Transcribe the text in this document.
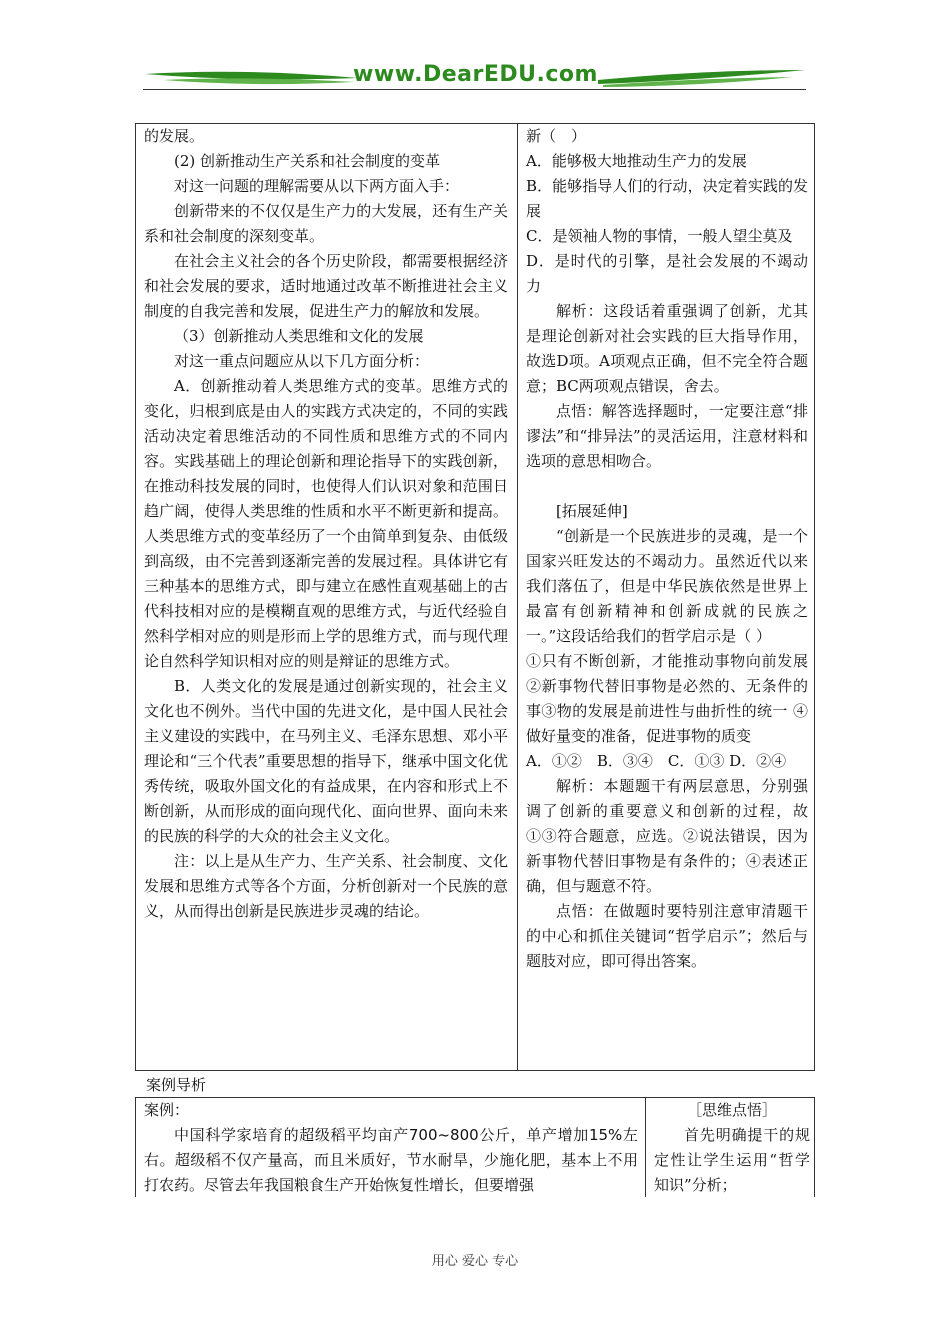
www.DearEDU.com

的发展。

(2) 创新推动生产关系和社会制度的变革

对这一问题的理解需要从以下两方面入手：

创新带来的不仅仅是生产力的大发展，还有生产关系和社会制度的深刻变革。

在社会主义社会的各个历史阶段，都需要根据经济和社会发展的要求，适时地通过改革不断推进社会主义制度的自我完善和发展，促进生产力的解放和发展。

（3）创新推动人类思维和文化的发展

对这一重点问题应从以下几方面分析：

A．创新推动着人类思维方式的变革。思维方式的变化，归根到底是由人的实践方式决定的，不同的实践活动决定着思维活动的不同性质和思维方式的不同内容。实践基础上的理论创新和理论指导下的实践创新，在推动科技发展的同时，也使得人们认识对象和范围日趋广阔，使得人类思维的性质和水平不断更新和提高。人类思维方式的变革经历了一个由简单到复杂、由低级到高级，由不完善到逐渐完善的发展过程。具体讲它有三种基本的思维方式，即与建立在感性直观基础上的古代科技相对应的是模糊直观的思维方式，与近代经验自然科学相对应的则是形而上学的思维方式，而与现代理论自然科学知识相对应的则是辩证的思维方式。

B．人类文化的发展是通过创新实现的，社会主义文化也不例外。当代中国的先进文化，是中国人民社会主义建设的实践中，在马列主义、毛泽东思想、邓小平理论和“三个代表”重要思想的指导下，继承中国文化优秀传统，吸取外国文化的有益成果，在内容和形式上不断创新，从而形成的面向现代化、面向世界、面向未来的民族的科学的大众的社会主义文化。

注：以上是从生产力、生产关系、社会制度、文化发展和思维方式等各个方面，分析创新对一个民族的意义，从而得出创新是民族进步灵魂的结论。

新（　）

A．能够极大地推动生产力的发展

B．能够指导人们的行动，决定着实践的发展

C．是领袖人物的事情，一般人望尘莫及

D．是时代的引擎，是社会发展的不竭动力

解析：这段话着重强调了创新，尤其是理论创新对社会实践的巨大指导作用，故选D项。A项观点正确，但不完全符合题意；BC两项观点错误，舍去。

点悟：解答选择题时，一定要注意“排谬法”和“排异法”的灵活运用，注意材料和选项的意思相吻合。

[拓展延伸]

“创新是一个民族进步的灵魂，是一个国家兴旺发达的不竭动力。虽然近代以来我们落伍了，但是中华民族依然是世界上最富有创新精神和创新成就的民族之一。”这段话给我们的哲学启示是（ ）

①只有不断创新，才能推动事物向前发展 ②新事物代替旧事物是必然的、无条件的事③物的发展是前进性与曲折性的统一 ④做好量变的准备，促进事物的质变

A．①②　B．③④　C．①③ D．②④

解析：本题题干有两层意思，分别强调了创新的重要意义和创新的过程，故①③符合题意，应选。②说法错误，因为新事物代替旧事物是有条件的；④表述正确，但与题意不符。

点悟：在做题时要特别注意审清题干的中心和抓住关键词“哲学启示”；然后与题肢对应，即可得出答案。

案例导析

案例：

中国科学家培育的超级稻平均亩产700~800公斤，单产增加15%左右。超级稻不仅产量高，而且米质好，节水耐旱，少施化肥，基本上不用打农药。尽管去年我国粮食生产开始恢复性增长，但要增强

［思维点悟］

首先明确提干的规定性让学生运用“哲学知识”分析；

用心 爱心 专心
